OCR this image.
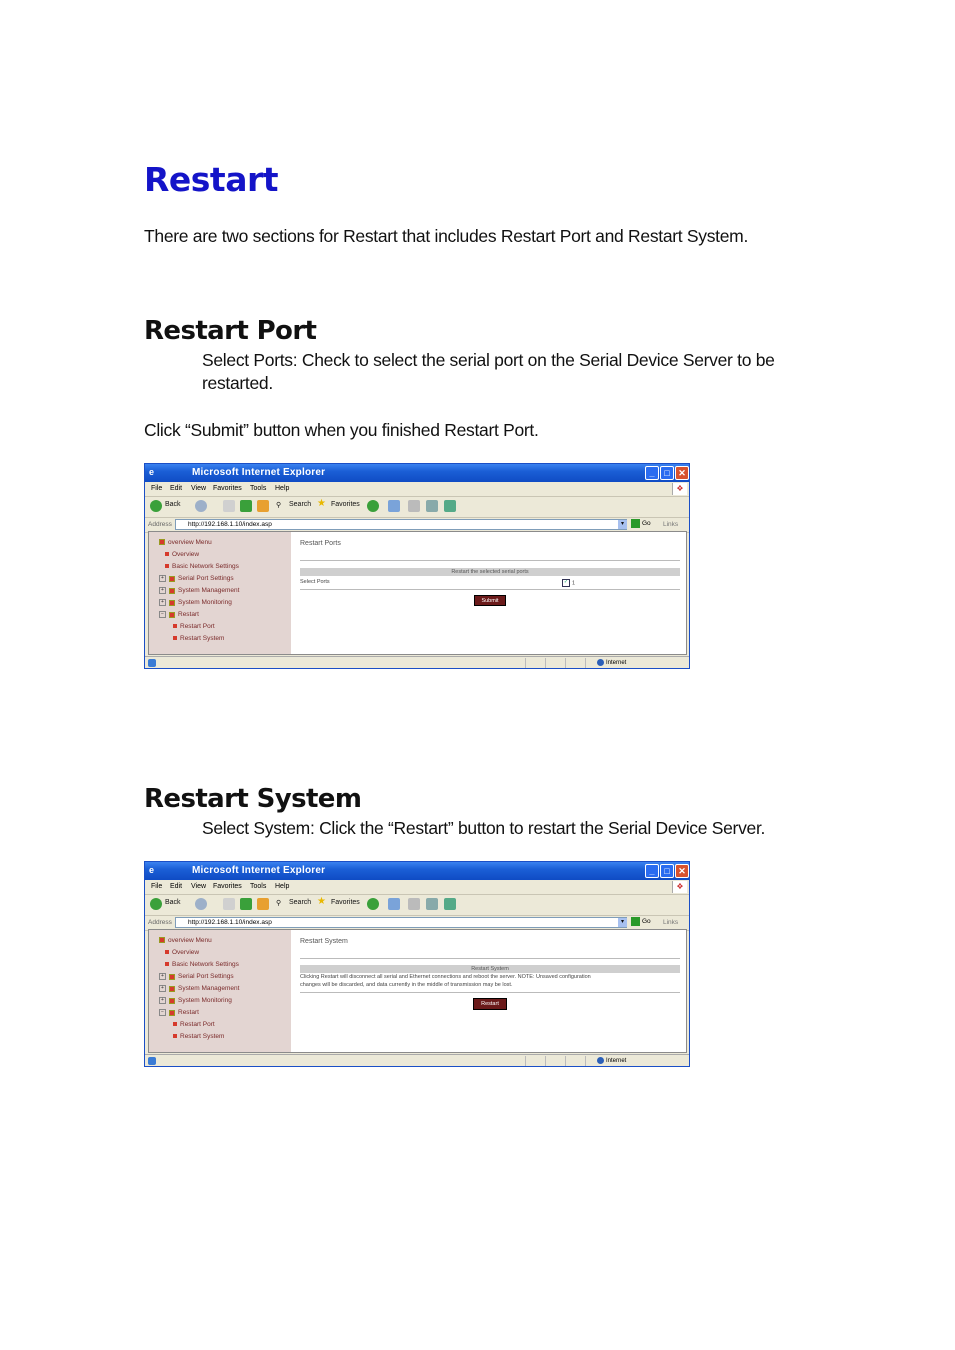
Restart
There are two sections for Restart that includes Restart Port and Restart System.
Restart Port
Select Ports: Check to select the serial port on the Serial Device Server to be
restarted.
Click “Submit” button when you finished Restart Port.
e	Microsoft Internet Explorer	_	□ ✕
File Edit View Favorites Tools Help	❖
Back	⚲ Search ★ Favorites
Address	http://192.168.1.10/index.asp	▾	Go Links
overview Menu
Overview
Basic Network Settings
+ Serial Port Settings
+ System Management
+ System Monitoring
− Restart
Restart Port
Restart System
Restart Ports
Restart the selected serial ports
Select Ports	✓ 1
Submit
Internet
Restart System
Select System: Click the “Restart” button to restart the Serial Device Server.
e	Microsoft Internet Explorer	_	□ ✕
File Edit View Favorites Tools Help	❖
Back	⚲ Search ★ Favorites
Address	http://192.168.1.10/index.asp	▾	Go Links
overview Menu
Overview
Basic Network Settings
+ Serial Port Settings
+ System Management
+ System Monitoring
− Restart
Restart Port
Restart System
Restart System
Restart System
Clicking Restart will disconnect all serial and Ethernet connections and reboot the server. NOTE: Unsaved configuration
changes will be discarded, and data currently in the middle of transmission may be lost.
Restart
Internet
